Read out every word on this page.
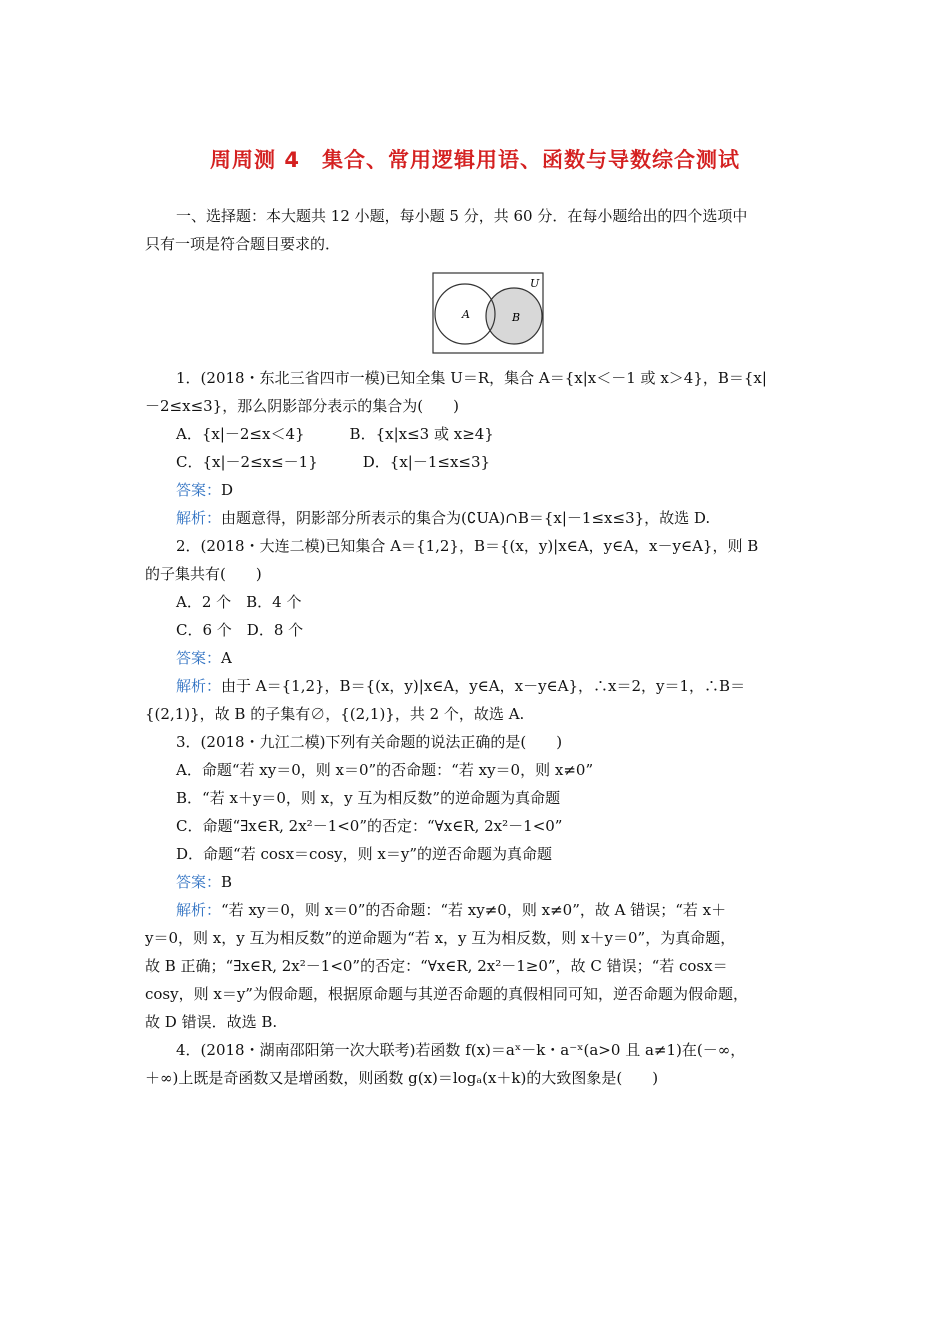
周周测 4　集合、常用逻辑用语、函数与导数综合测试
一、选择题：本大题共 12 小题，每小题 5 分，共 60 分．在每小题给出的四个选项中
只有一项是符合题目要求的．
U
A	B
1．(2018・东北三省四市一模)已知全集 U＝R，集合 A＝{x|x＜－1 或 x＞4}，B＝{x|
－2≤x≤3}，那么阴影部分表示的集合为(　　)
A．{x|－2≤x＜4}　　　B．{x|x≤3 或 x≥4}
C．{x|－2≤x≤－1}　　　D．{x|－1≤x≤3}
答案：D
解析：由题意得，阴影部分所表示的集合为(∁UA)∩B＝{x|－1≤x≤3}，故选 D.
2．(2018・大连二模)已知集合 A＝{1,2}，B＝{(x，y)|x∈A，y∈A，x－y∈A}，则 B
的子集共有(　　)
A．2 个　B．4 个
C．6 个　D．8 个
答案：A
解析：由于 A＝{1,2}，B＝{(x，y)|x∈A，y∈A，x－y∈A}，∴x＝2，y＝1，∴B＝
{(2,1)}，故 B 的子集有∅，{(2,1)}，共 2 个，故选 A.
3．(2018・九江二模)下列有关命题的说法正确的是(　　)
A．命题“若 xy＝0，则 x＝0”的否命题：“若 xy＝0，则 x≠0”
B．“若 x＋y＝0，则 x，y 互为相反数”的逆命题为真命题
C．命题“∃x∈R, 2x²－1<0”的否定：“∀x∈R, 2x²－1<0”
D．命题“若 cosx＝cosy，则 x＝y”的逆否命题为真命题
答案：B
解析：“若 xy＝0，则 x＝0”的否命题：“若 xy≠0，则 x≠0”，故 A 错误；“若 x＋
y＝0，则 x，y 互为相反数”的逆命题为“若 x，y 互为相反数，则 x＋y＝0”，为真命题，
故 B 正确；“∃x∈R, 2x²－1<0”的否定：“∀x∈R, 2x²－1≥0”，故 C 错误；“若 cosx＝
cosy，则 x＝y”为假命题，根据原命题与其逆否命题的真假相同可知，逆否命题为假命题，
故 D 错误．故选 B.
4．(2018・湖南邵阳第一次大联考)若函数 f(x)＝aˣ－k・a⁻ˣ(a>0 且 a≠1)在(－∞，
＋∞)上既是奇函数又是增函数，则函数 g(x)＝logₐ(x＋k)的大致图象是(　　)
